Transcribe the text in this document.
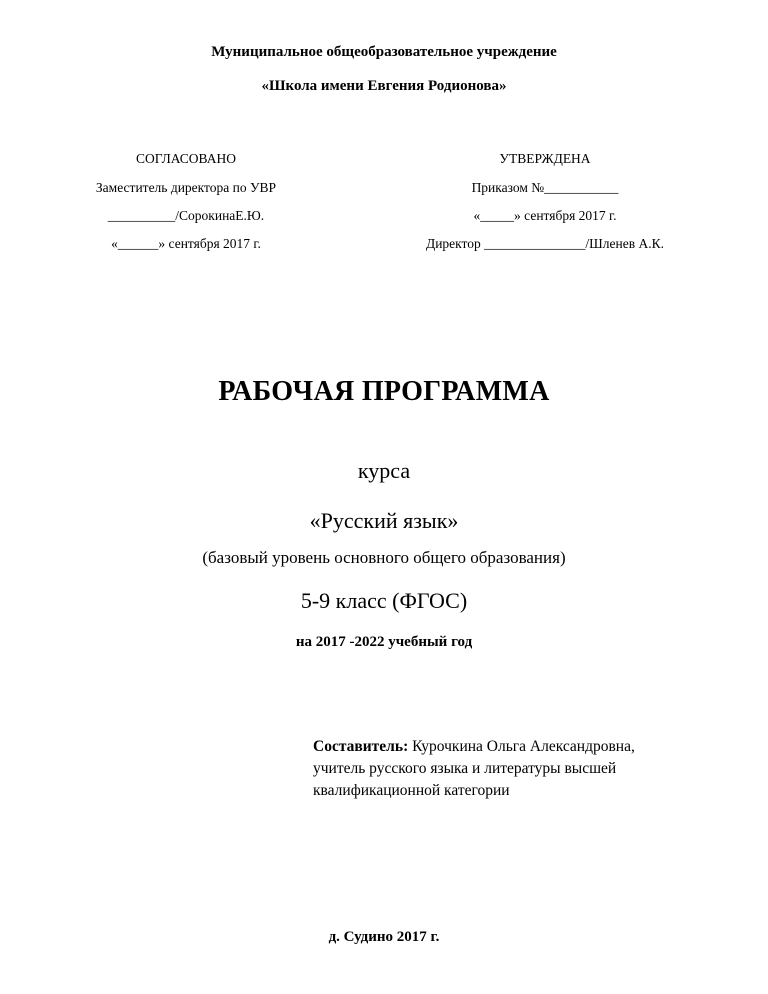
Муниципальное общеобразовательное учреждение
«Школа имени Евгения Родионова»
СОГЛАСОВАНО
Заместитель директора по УВР
__________/СорокинаЕ.Ю.
«______» сентября 2017 г.
УТВЕРЖДЕНА
Приказом №___________
«_____» сентября 2017 г.
Директор _______________/Шленев А.К.
РАБОЧАЯ ПРОГРАММА
курса
«Русский язык»
(базовый уровень основного общего образования)
5-9 класс (ФГОС)
на 2017 -2022 учебный год
Составитель: Курочкина Ольга Александровна, учитель русского языка и литературы высшей квалификационной категории
д. Судино 2017 г.
